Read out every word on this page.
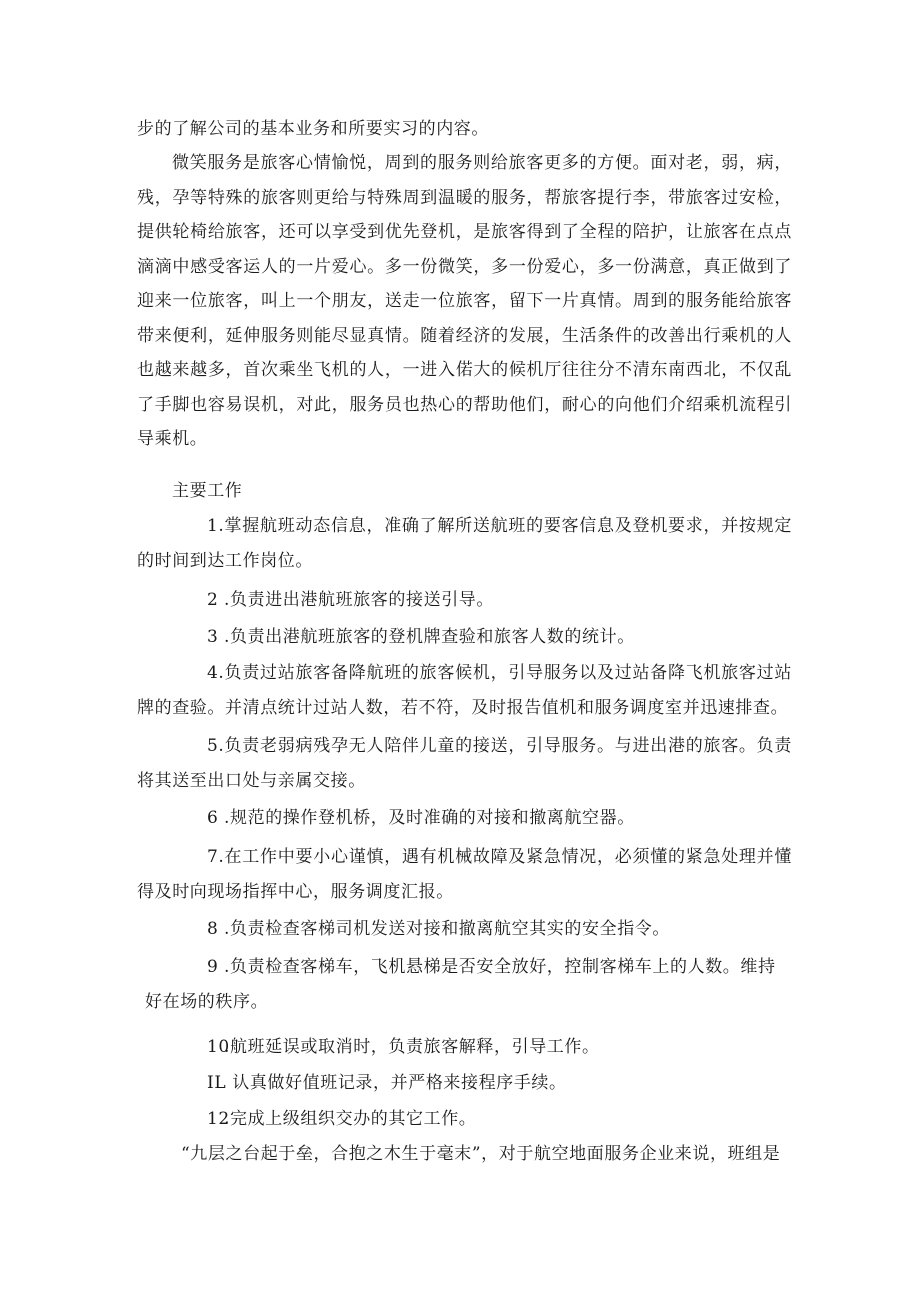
步的了解公司的基本业务和所要实习的内容。

微笑服务是旅客心情愉悦，周到的服务则给旅客更多的方便。面对老，弱，病，残，孕等特殊的旅客则更给与特殊周到温暖的服务，帮旅客提行李，带旅客过安检，提供轮椅给旅客，还可以享受到优先登机，是旅客得到了全程的陪护，让旅客在点点滴滴中感受客运人的一片爱心。多一份微笑，多一份爱心，多一份满意，真正做到了迎来一位旅客，叫上一个朋友，送走一位旅客，留下一片真情。周到的服务能给旅客带来便利，延伸服务则能尽显真情。随着经济的发展，生活条件的改善出行乘机的人也越来越多，首次乘坐飞机的人，一进入偌大的候机厅往往分不清东南西北，不仅乱了手脚也容易误机，对此，服务员也热心的帮助他们，耐心的向他们介绍乘机流程引导乘机。

主要工作

1.掌握航班动态信息，准确了解所送航班的要客信息及登机要求，并按规定的时间到达工作岗位。

2 .负责进出港航班旅客的接送引导。

3 .负责出港航班旅客的登机牌查验和旅客人数的统计。

4.负责过站旅客备降航班的旅客候机，引导服务以及过站备降飞机旅客过站牌的查验。并清点统计过站人数，若不符，及时报告值机和服务调度室并迅速排查。

5.负责老弱病残孕无人陪伴儿童的接送，引导服务。与进出港的旅客。负责将其送至出口处与亲属交接。

6 .规范的操作登机桥，及时准确的对接和撤离航空器。

7.在工作中要小心谨慎，遇有机械故障及紧急情况，必须懂的紧急处理并懂得及时向现场指挥中心，服务调度汇报。

8 .负责检查客梯司机发送对接和撤离航空其实的安全指令。

9 .负责检查客梯车，飞机悬梯是否安全放好，控制客梯车上的人数。维持

好在场的秩序。

10.航班延误或取消时，负责旅客解释，引导工作。

IL 认真做好值班记录，并严格来接程序手续。

12.完成上级组织交办的其它工作。

“九层之台起于垒，合抱之木生于毫末”，对于航空地面服务企业来说，班组是
